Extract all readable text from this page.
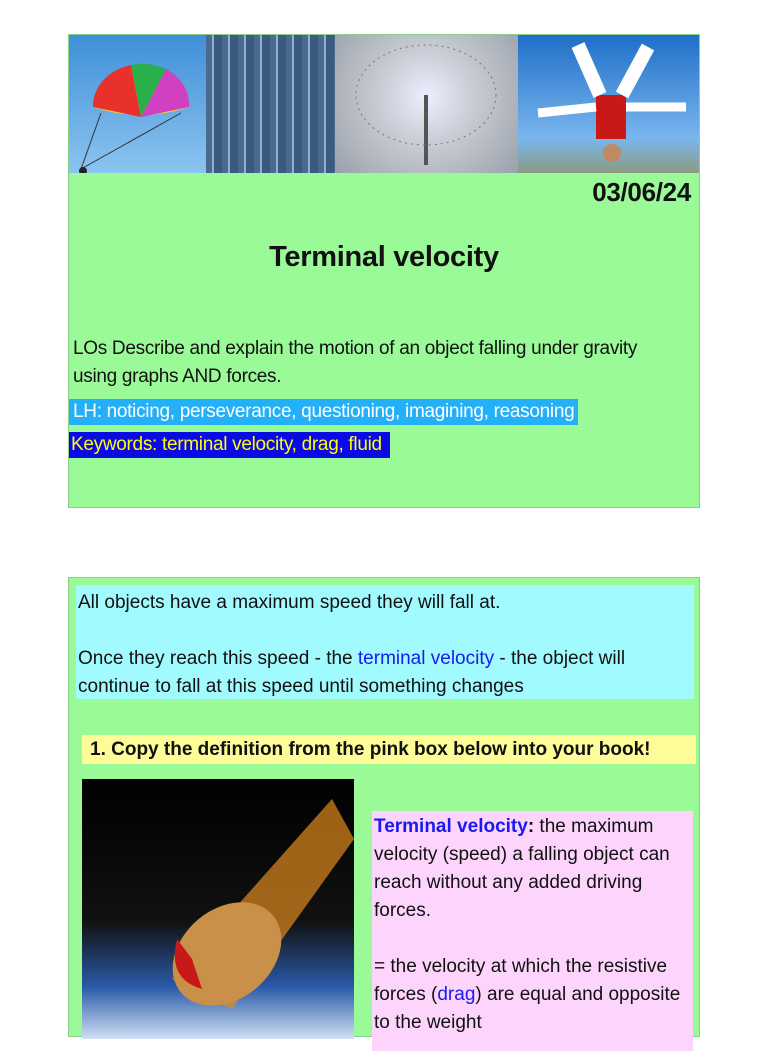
03/06/24
Terminal velocity
LOs Describe and explain the motion of an object falling under gravity using graphs AND forces.
LH: noticing, perseverance, questioning, imagining, reasoning
Keywords: terminal velocity, drag, fluid
All objects have a maximum speed they will fall at.
Once they reach this speed - the terminal velocity - the object will continue to fall at this speed until something changes
1. Copy the definition from the pink box below into your book!
Terminal velocity: the maximum velocity (speed) a falling object can reach without any added driving forces.
= the velocity at which the resistive forces (drag) are equal and opposite to the weight
